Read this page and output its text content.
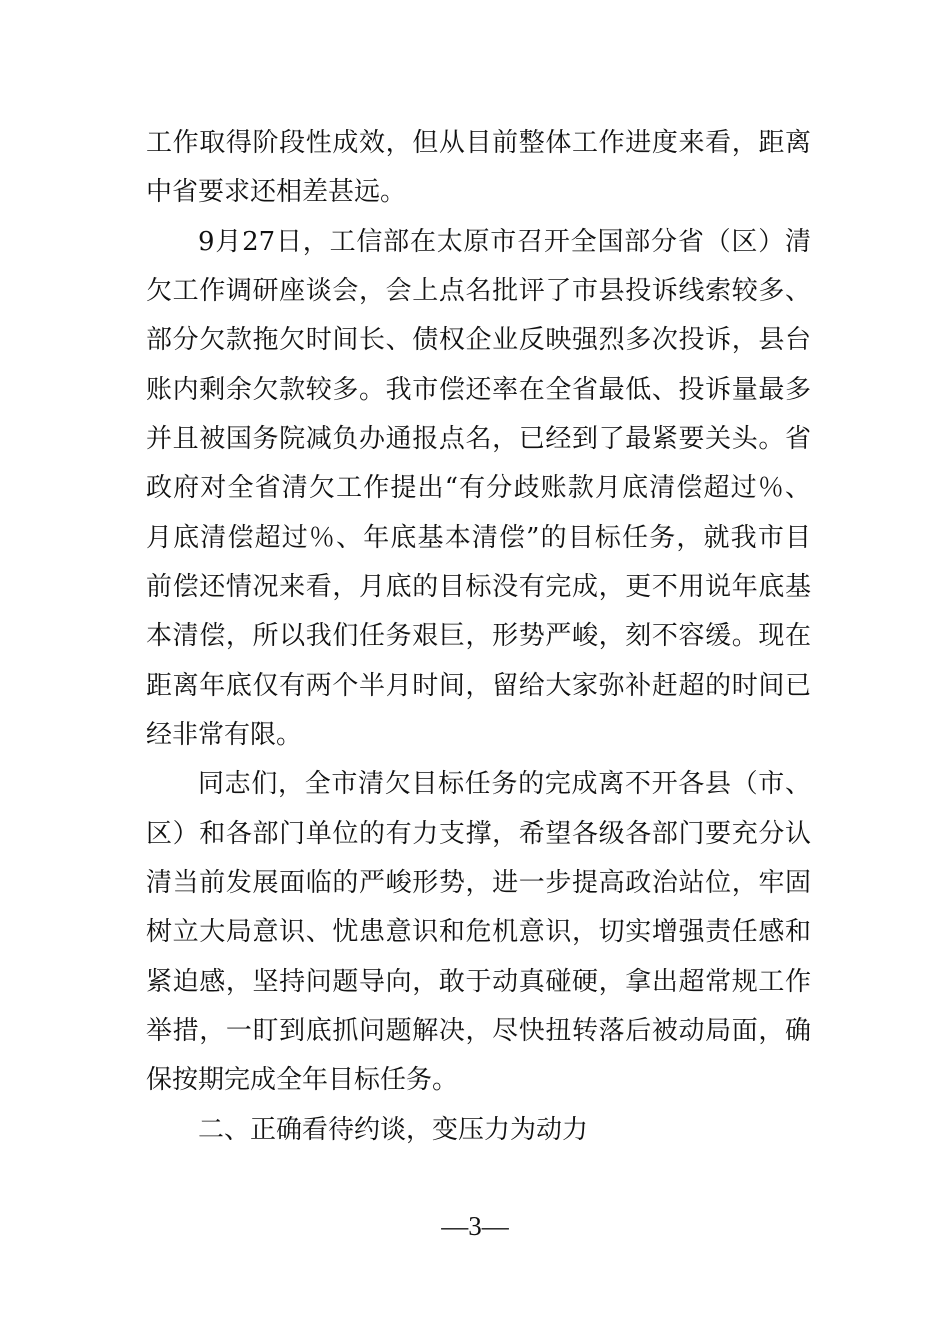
工作取得阶段性成效，但从目前整体工作进度来看，距离
中省要求还相差甚远。
9月27日，工信部在太原市召开全国部分省（区）清
欠工作调研座谈会，会上点名批评了市县投诉线索较多、
部分欠款拖欠时间长、债权企业反映强烈多次投诉，县台
账内剩余欠款较多。我市偿还率在全省最低、投诉量最多
并且被国务院减负办通报点名，已经到了最紧要关头。省
政府对全省清欠工作提出“有分歧账款月底清偿超过％、
月底清偿超过％、年底基本清偿”的目标任务，就我市目
前偿还情况来看，月底的目标没有完成，更不用说年底基
本清偿，所以我们任务艰巨，形势严峻，刻不容缓。现在
距离年底仅有两个半月时间，留给大家弥补赶超的时间已
经非常有限。
同志们，全市清欠目标任务的完成离不开各县（市、
区）和各部门单位的有力支撑，希望各级各部门要充分认
清当前发展面临的严峻形势，进一步提高政治站位，牢固
树立大局意识、忧患意识和危机意识，切实增强责任感和
紧迫感，坚持问题导向，敢于动真碰硬，拿出超常规工作
举措，一盯到底抓问题解决，尽快扭转落后被动局面，确
保按期完成全年目标任务。
二、正确看待约谈，变压力为动力
—3—
